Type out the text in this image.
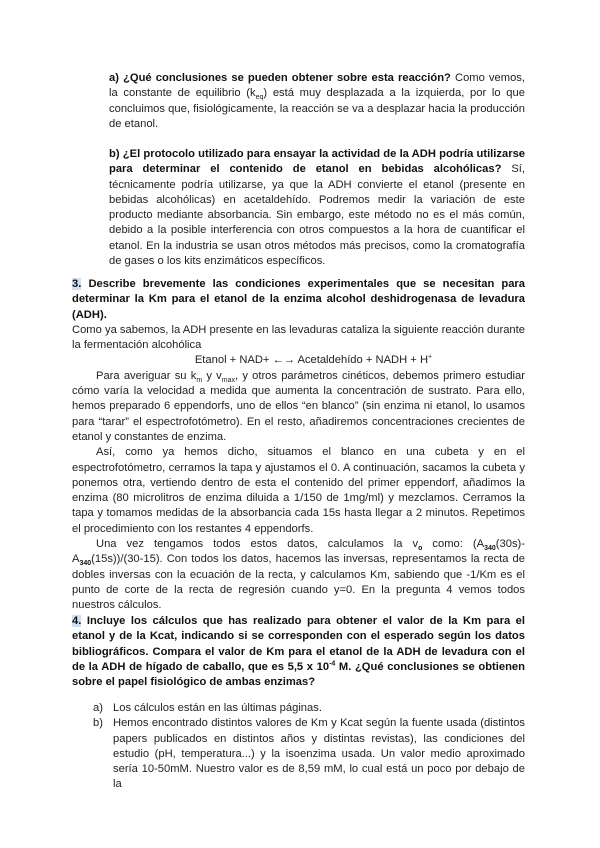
a) ¿Qué conclusiones se pueden obtener sobre esta reacción? Como vemos, la constante de equilibrio $(k_{eq})$ está muy desplazada a la izquierda, por lo que concluimos que, fisiológicamente, la reacción se va a desplazar hacia la producción de etanol.

b) ¿El protocolo utilizado para ensayar la actividad de la ADH podría utilizarse para determinar el contenido de etanol en bebidas alcohólicas? Sí, técnicamente podría utilizarse, ya que la ADH convierte el etanol (presente en bebidas alcohólicas) en acetaldehído. Podremos medir la variación de este producto mediante absorbancia. Sin embargo, este método no es el más común, debido a la posible interferencia con otros compuestos a la hora de cuantificar el etanol. En la industria se usan otros métodos más precisos, como la cromatografía de gases o los kits enzimáticos específicos.

3. Describe brevemente las condiciones experimentales que se necesitan para determinar la Km para el etanol de la enzima alcohol deshidrogenasa de levadura (ADH).

Como ya sabemos, la ADH presente en las levaduras cataliza la siguiente reacción durante la fermentación alcohólica

Etanol + NAD+ ←→ Acetaldehído + NADH + H+

Para averiguar su $k_m$ y $v_{max}$, y otros parámetros cinéticos, debemos primero estudiar cómo varía la velocidad a medida que aumenta la concentración de sustrato. Para ello, hemos preparado 6 eppendorfs, uno de ellos “en blanco” (sin enzima ni etanol, lo usamos para “tarar” el espectrofotómetro). En el resto, añadiremos concentraciones crecientes de etanol y constantes de enzima.

Así, como ya hemos dicho, situamos el blanco en una cubeta y en el espectrofotómetro, cerramos la tapa y ajustamos el 0. A continuación, sacamos la cubeta y ponemos otra, vertiendo dentro de esta el contenido del primer eppendorf, añadimos la enzima (80 microlitros de enzima diluida a 1/150 de 1mg/ml) y mezclamos. Cerramos la tapa y tomamos medidas de la absorbancia cada 15s hasta llegar a 2 minutos. Repetimos el procedimiento con los restantes 4 eppendorfs.

Una vez tengamos todos estos datos, calculamos la $v_o$ como: $(A_{340}(30s)-A_{340}(15s))/(30-15)$. Con todos los datos, hacemos las inversas, representamos la recta de dobles inversas con la ecuación de la recta, y calculamos Km, sabiendo que -1/Km es el punto de corte de la recta de regresión cuando y=0. En la pregunta 4 vemos todos nuestros cálculos.

4. Incluye los cálculos que has realizado para obtener el valor de la Km para el etanol y de la Kcat, indicando si se corresponden con el esperado según los datos bibliográficos. Compara el valor de Km para el etanol de la ADH de levadura con el de la ADH de hígado de caballo, que es 5,5 x $10^{-4}$ M. ¿Qué conclusiones se obtienen sobre el papel fisiológico de ambas enzimas?

a) Los cálculos están en las últimas páginas.

b) Hemos encontrado distintos valores de Km y Kcat según la fuente usada (distintos papers publicados en distintos años y distintas revistas), las condiciones del estudio (pH, temperatura...) y la isoenzima usada. Un valor medio aproximado sería 10-50mM. Nuestro valor es de 8,59 mM, lo cual está un poco por debajo de la
